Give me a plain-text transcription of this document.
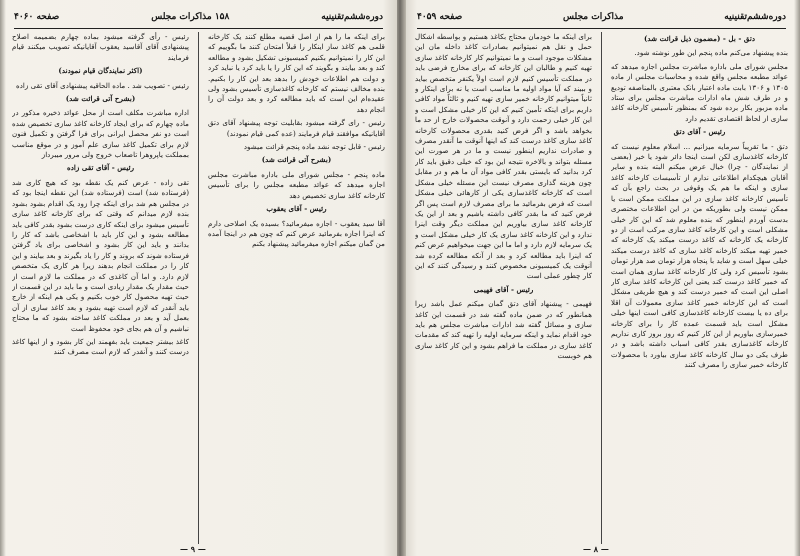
دوره‌ششم‌تقنینیه
مذاکرات مجلس
صفحه ۴۰۵۹

دتق - بل - (مضمون ذیل قرائت شد)

بنده پیشنهاد می‌کنم ماده پنجم این طور نوشته شود.

مجلس شورای ملی باداره مباشرت مجلس اجازه میدهد که عوائد مطبعه مجلس واقع شده و محاسبات مجلس از ماده ۱۳۰۵ و ۱۳۰۶ بابت ماده اعتبار بانک معتبری بالمناصفه تودیع و در طرف شش ماه ادارات مباشرت مجلس برای ستاد ماده مزبور بکار برده شود که بمنظور تأسیس کارخانه کاغذ سازی از لحاظ اقتصادی تقدیم دارد

رئیس - آقای دتق

دتق - ما تقریباً سرمایه میزانیم ... اسلام معلوم نیست که کارخانه کاغذسازی لکن است اینجا دائر شود یا خیر (بعضی از نمایندگان - چرا) خیال عرض میکنم البته بنده و سایر آقایان هیچکدام اطلاعاتی ندارم از تأسیسات کارخانه کاغذ سازی و اینکه ما هم یک وقوفی در بحث راجع بآن که تأسیس کارخانه کاغذ سازی در این مملکت ممکن است یا ممکن نیست ولی بطوریکه من در این اطلاعات مختصری بدست آوردم اینطور که بنده معلوم شد که این کار خیلی مشکلی است و این کارخانه کاغذ سازی مرکب است از دو کارخانه یک کارخانه که کاغذ درست میکند یک کارخانه که خمیر تهیه میکند کارخانه کاغذ سازی که کاغذ درست میکند خیلی سهل است و شاید با پنجاه هزار تومان صد هزار تومان بشود تأسیس کرد ولی کار کارخانه کاغذ سازی همان است که خمیر کاغذ درست کند یعنی این کارخانه کاغذ سازی کار اصلی این است که خمیر درست کند و هیچ طریقی مشکل است که این کارخانه خمیر کاغذ سازی معمولات آن اقلا برای ده یا بیست کارخانه کاغذسازی کافی است اینها خیلی مشکل است باید قسمت عمده کار را برای کارخانه خمیرسازی بیاوریم از این کار کنیم که روز بروز کاری نداریم کارخانه کاغذسازی بقدر کافی اسباب داشته باشد و در طرف یکی دو سال کارخانه کاغذ سازی بیاورد با محصولات کارخانه خمیر سازی را مصرف کنند

برای اینکه ما خودمان محتاج بکاغذ هستیم و بواسطه اشکال حمل و نقل هم نمیتوانیم بصادرات کاغذ داخله مان این مشکلات موجود است و ما نمیتوانیم کار کارخانه کاغذ سازی تهیه کنیم و طالبان این کارخانه که برای مخارج فرضی باید در مملکت تأسیس کنیم لازم است اولاً یکنفر متخصص بیاید و ببیند که آیا مواد اولیه ما مناسب است یا نه برای اینکار و ثانیاً میتوانیم کارخانه خمیر سازی تهیه کنیم و ثالثاً مواد کافی داریم برای اینکه تأمین کنیم که این کار خیلی مشکل است و این کار خیلی زحمت دارد و آنوقت محصولات خارج از حد ما بخواهد باشد و اگر فرض کنید بقدری محصولات کارخانه کاغذ سازی کاغذ درست کند که اینها آنوقت ما آنقدر مصرف و صادرات نداریم اینطور نیست و ما در هر صورت این مسئله بتواند و بالاخره نتیجه این بود که خیلی دقیق باید کار کرد بدانید که بایستی بقدر کافی مواد آن ما هم و در مقابل چون هزینه گذاری مصرف نیست این مسئله خیلی مشکل است که کارخانه کاغذسازی یکی از کارهائی خیلی مشکل است که فرض بفرمائید ما برای مصرف لازم است پس اگر فرض کنید که ما بقدر کافی داشته باشیم و بعد از این یک کارخانه کاغذ سازی بیاوریم این مملکت دیگر وقت اینرا ندارد و این کارخانه کاغذ سازی یک کار خیلی مشکل است و یک سرمایه لازم دارد و اما ما این جهت میخواهیم عرض کنم که اینرا باید مطالعه کرد و بعد از آنکه مطالعه کرده شد آنوقت یک کمیسیونی مخصوص کنند و رسیدگی کنند که این کار چطور عملی است

رئیس - آقای فهیمی

فهیمی - پیشنهاد آقای دتق گمان میکنم عمل باشد زیرا همانطور که در ضمن ماده گفته شد در قسمت این کاغذ سازی و مسائل گفته شد ادارات مباشرت مجلس هم باید خود اقدام نماید و اینکه سرمایه اولیه را تهیه کند که مقدمات کاغذ سازی در مملکت ما فراهم بشود و این کار کاغذ سازی هم خوبست

— ۸ —
دوره‌ششم‌تقنینیه
۱۵۸ مذاکرات مجلس
صفحه ۴۰۶۰

برای اینکه ما را هم از اصل قضیه مطلع کنند یک کارخانه قلمی هم کاغذ ساز اینکار را قبلاً امتحان کنند ما بگوییم که این کار را نمیتوانیم بکنیم کمیسیونی تشکیل بشود و مطالعه کند و بعد بیایند و بگویند که این کار را یا باید کرد یا نباید کرد و دولت هم اطلاعات خودش را بدهد بعد این کار را بکنیم. بنده مخالف نیستم که کارخانه کاغذسازی تأسیس بشود ولی عقیده‌ام این است که باید مطالعه کرد و بعد دولت آن را انجام دهد

رئیس - رای گرفته میشود بقابلیت توجه پیشنهاد آقای دتق آقایانیکه موافقند قیام فرمایند (عده کمی قیام نمودند)

رئیس - قابل توجه نشد ماده پنجم قرائت میشود

(بشرح آتی قرائت شد)

ماده پنجم - مجلس شورای ملی باداره مباشرت مجلس اجازه میدهد که عوائد مطبعه مجلس را برای تأسیس کارخانه کاغذ سازی تخصیص دهد

رئیس - آقای یعقوب

آقا سید یعقوب - اجازه میفرمائید؟ بسیده یک اصلاحی دارم که اینرا اجازه بفرمائید عرض کنم که چون هم در اینجا آمده من گمان میکنم اجازه میفرمائید پیشنهاد بکنم

رئیس - رأی گرفته میشود بماده چهارم بضمیمه اصلاح پیشنهادی آقای آقاسید یعقوب آقایانیکه تصویب میکنند قیام فرمایند

(اکثر نمایندگان قیام نمودند)

رئیس - تصویب شد . ماده الحاقیه پیشنهادی آقای تقی زاده

(بشرح آتی قرائت شد)

اداره مباشرت مکلف است از محل عوائد ذخیره مذکور در ماده چهارم که برای ایجاد کارخانه کاغذ سازی تخصیص شده است دو نفر محصل ایرانی برای فرا گرفتن و تکمیل فنون لازم برای تکمیل کاغذ سازی علم آموز و در موقع مناسب بمملکت یاپروهرا تاصعاب خروج ولی مرور میبرداز

رئیس - آقای تقی زاده

تقی زاده - عرض کنم یک نقطه بود که هیچ کاری شد (فرستاده شد) است (فرستاده شد) این نقطه اینجا بود که در مجلس هم شد برای اینکه چرا زود یک اقدام بشود بشود بنده لازم میدانم که وقتی که برای کارخانه کاغذ سازی تأسیس میشود برای اینکه کاری درست بشود بقدر کافی باید مطالعه بشود و این کار باید با اشخاصی باشد که کار را بدانند و باید این کار بشود و اشخاصی برای یاد گرفتن فرستاده شوند که بروند و کار را یاد بگیرند و بعد بیایند و این کار را در مملکت انجام بدهند زیرا هر کاری یک متخصص لازم دارد. و اما آن کاغذی که در مملکت ما لازم است از حیث مقدار یک مقدار زیادی است و ما باید در این قسمت از حیث تهیه محصول کار خوب بکنیم و یکی هم اینکه از خارج باید آنقدر که لازم است تهیه بشود و بعد کاغذ سازی از آن بعمل آید و بعد در مملکت کاغذ ساخته بشود که ما محتاج نباشیم و آن هم بجای خود محفوظ است

کاغذ بیشتر جمعیت باید بفهمند این کار بشود و از اینها کاغذ درست کنند و آنقدر که لازم است مصرف کنند

— ۹ —
